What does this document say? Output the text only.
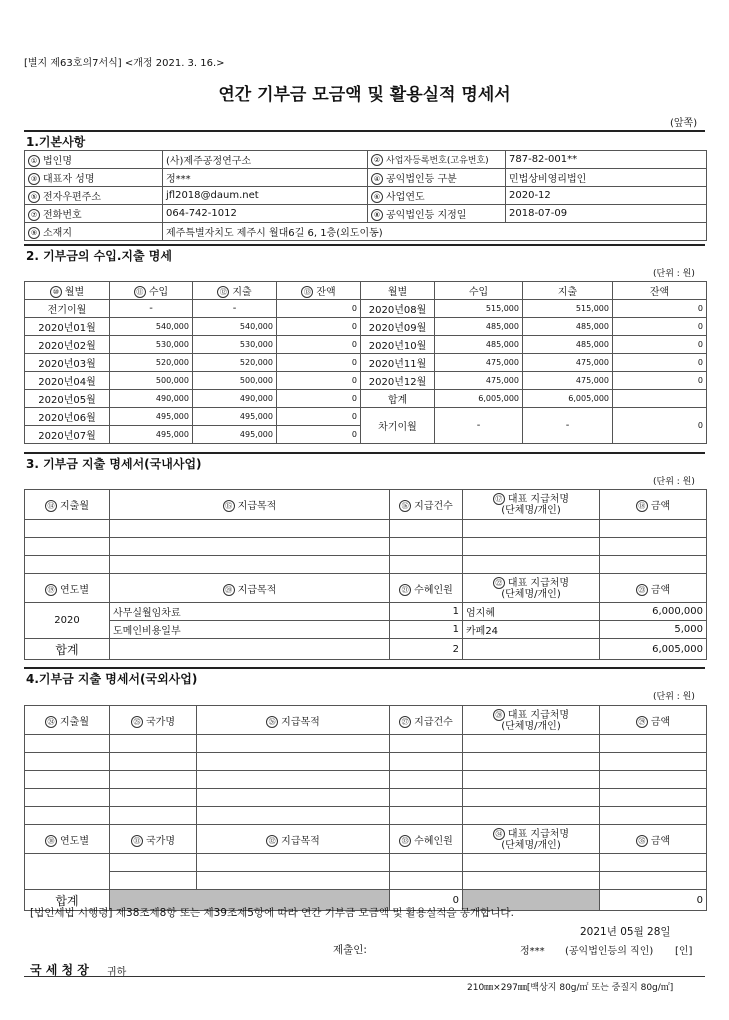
[별지 제63호의7서식] <개정 2021. 3. 16.>
연간 기부금 모금액 및 활용실적 명세서
(앞쪽)
1.기본사항
① 법인명	(사)제주공정연구소	② 사업자등록번호(고유번호)	787-82-001**
③ 대표자 성명	정***	④ 공익법인등 구분	민법상비영리법인
⑤ 전자우편주소	jfl2018@daum.net	⑥ 사업연도	2020-12
⑦ 전화번호	064-742-1012	⑧ 공익법인등 지정일	2018-07-09
⑨ 소재지	제주특별자치도 제주시 월대6길 6, 1층(외도이동)		
2. 기부금의 수입.지출 명세
(단위 : 원)
⑩ 월별	⑪ 수입	⑫ 지출	⑬ 잔액	월별	수입	지출	잔액
전기이월	-	-	0	2020년08월	515,000	515,000	0
2020년01월	540,000	540,000	0	2020년09월	485,000	485,000	0
2020년02월	530,000	530,000	0	2020년10월	485,000	485,000	0
2020년03월	520,000	520,000	0	2020년11월	475,000	475,000	0
2020년04월	500,000	500,000	0	2020년12월	475,000	475,000	0
2020년05월	490,000	490,000	0	합계	6,005,000	6,005,000	
2020년06월	495,000	495,000	0	차기이월	-	-	0
2020년07월	495,000	495,000	0				
3. 기부금 지출 명세서(국내사업)
(단위 : 원)
⑭ 지출월	⑮ 지급목적	⑯ 지급건수	⑰ 대표 지급처명
(단체명/개인)	⑱ 금액

⑲ 연도별	⑳ 지급목적	㉑ 수혜인원	㉒ 대표 지급처명
(단체명/개인)	㉓ 금액
2020	사무실월임차료	1	엄지혜	6,000,000
	도메인비용일부	1	카페24	5,000
합계		2		6,005,000
4.기부금 지출 명세서(국외사업)
(단위 : 원)
㉔ 지출월	㉕ 국가명	㉖ 지급목적	㉗ 지급건수	㉘ 대표 지급처명
(단체명/개인)	㉙ 금액

㉚ 연도별	㉛ 국가명	㉜ 지급목적	㉝ 수혜인원	㉞ 대표 지급처명
(단체명/개인)	㉟ 금액

합계			0		0
[법인세법 시행령] 제38조제8항 또는 제39조제5항에 따라 연간 기부금 모금액 및 활용실적을 공개합니다.
2021년 05월 28일
제출인:	정*** (공익법인등의 직인) [인]
국 세 청 장 귀하
210㎜×297㎜[백상지 80g/㎡ 또는 중질지 80g/㎡]
